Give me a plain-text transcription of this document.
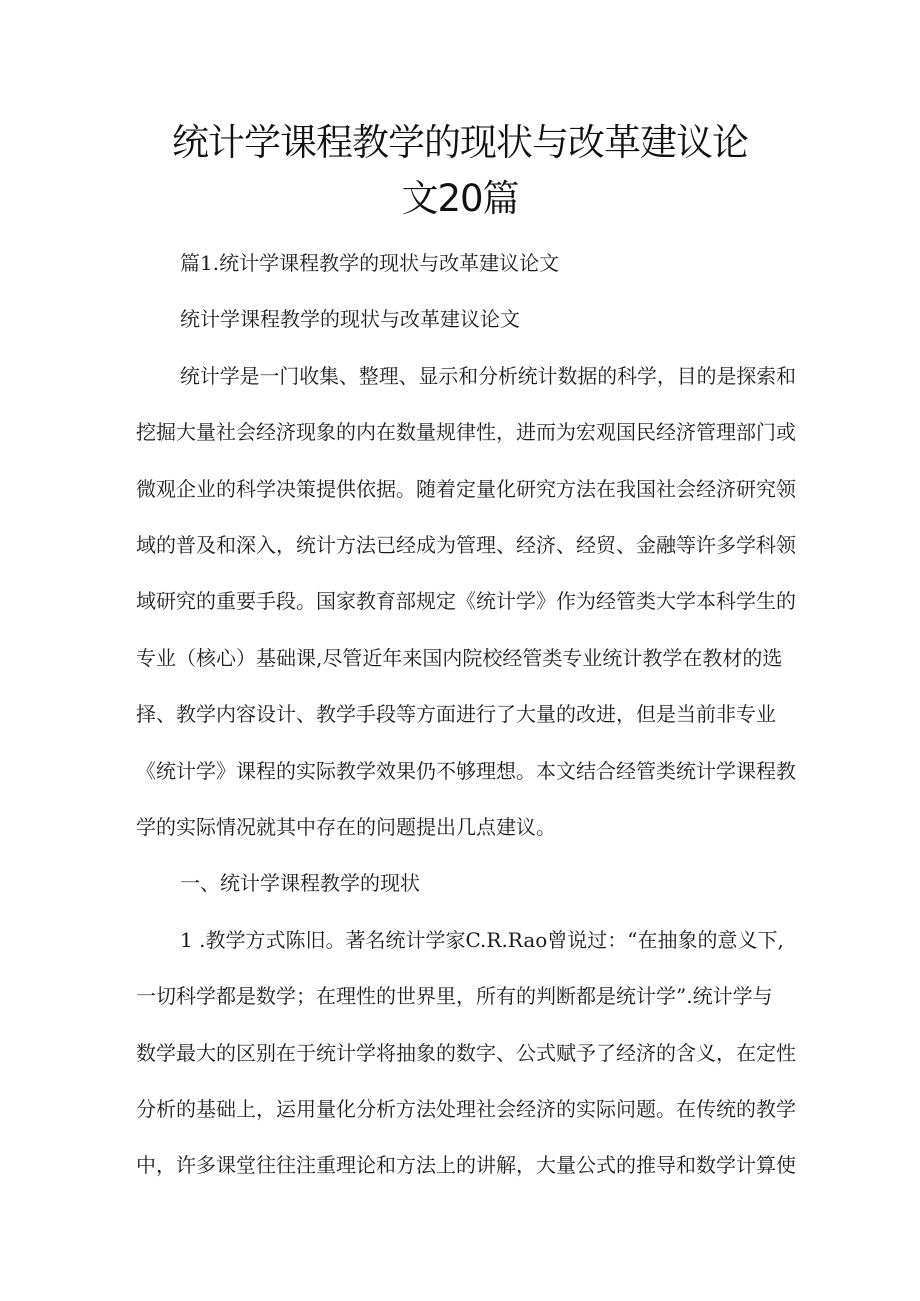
统计学课程教学的现状与改革建议论
文20篇
篇1.统计学课程教学的现状与改革建议论文
统计学课程教学的现状与改革建议论文
统计学是一门收集、整理、显示和分析统计数据的科学，目的是探索和
挖掘大量社会经济现象的内在数量规律性，进而为宏观国民经济管理部门或
微观企业的科学决策提供依据。随着定量化研究方法在我国社会经济研究领
域的普及和深入，统计方法已经成为管理、经济、经贸、金融等许多学科领
域研究的重要手段。国家教育部规定《统计学》作为经管类大学本科学生的
专业（核心）基础课,尽管近年来国内院校经管类专业统计教学在教材的选
择、教学内容设计、教学手段等方面进行了大量的改进，但是当前非专业
《统计学》课程的实际教学效果仍不够理想。本文结合经管类统计学课程教
学的实际情况就其中存在的问题提出几点建议。
一、统计学课程教学的现状
1 .教学方式陈旧。著名统计学家C.R.Rao曾说过：“在抽象的意义下,
一切科学都是数学；在理性的世界里，所有的判断都是统计学”.统计学与
数学最大的区别在于统计学将抽象的数字、公式赋予了经济的含义，在定性
分析的基础上，运用量化分析方法处理社会经济的实际问题。在传统的教学
中，许多课堂往往注重理论和方法上的讲解，大量公式的推导和数学计算使
